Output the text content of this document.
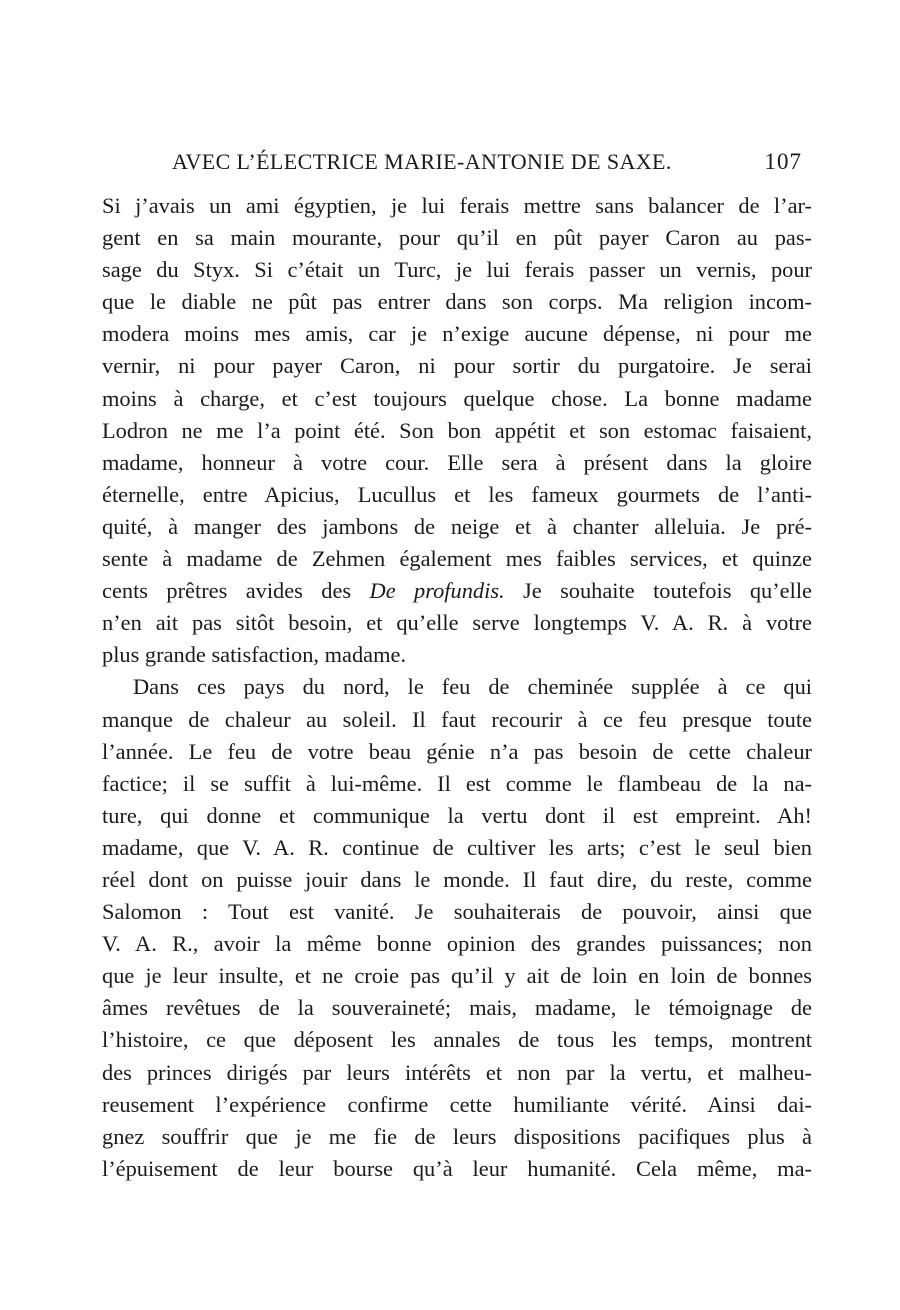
AVEC L’ÉLECTRICE MARIE-ANTONIE DE SAXE.	107
Si j’avais un ami égyptien, je lui ferais mettre sans balancer de l’ar-
gent en sa main mourante, pour qu’il en pût payer Caron au pas-
sage du Styx. Si c’était un Turc, je lui ferais passer un vernis, pour
que le diable ne pût pas entrer dans son corps. Ma religion incom-
modera moins mes amis, car je n’exige aucune dépense, ni pour me
vernir, ni pour payer Caron, ni pour sortir du purgatoire. Je serai
moins à charge, et c’est toujours quelque chose. La bonne madame
Lodron ne me l’a point été. Son bon appétit et son estomac faisaient,
madame, honneur à votre cour. Elle sera à présent dans la gloire
éternelle, entre Apicius, Lucullus et les fameux gourmets de l’anti-
quité, à manger des jambons de neige et à chanter alleluia. Je pré-
sente à madame de Zehmen également mes faibles services, et quinze
cents prêtres avides des De profundis. Je souhaite toutefois qu’elle
n’en ait pas sitôt besoin, et qu’elle serve longtemps V. A. R. à votre
plus grande satisfaction, madame.
Dans ces pays du nord, le feu de cheminée supplée à ce qui
manque de chaleur au soleil. Il faut recourir à ce feu presque toute
l’année. Le feu de votre beau génie n’a pas besoin de cette chaleur
factice; il se suffit à lui-même. Il est comme le flambeau de la na-
ture, qui donne et communique la vertu dont il est empreint. Ah!
madame, que V. A. R. continue de cultiver les arts; c’est le seul bien
réel dont on puisse jouir dans le monde. Il faut dire, du reste, comme
Salomon : Tout est vanité. Je souhaiterais de pouvoir, ainsi que
V. A. R., avoir la même bonne opinion des grandes puissances; non
que je leur insulte, et ne croie pas qu’il y ait de loin en loin de bonnes
âmes revêtues de la souveraineté; mais, madame, le témoignage de
l’histoire, ce que déposent les annales de tous les temps, montrent
des princes dirigés par leurs intérêts et non par la vertu, et malheu-
reusement l’expérience confirme cette humiliante vérité. Ainsi dai-
gnez souffrir que je me fie de leurs dispositions pacifiques plus à
l’épuisement de leur bourse qu’à leur humanité. Cela même, ma-
